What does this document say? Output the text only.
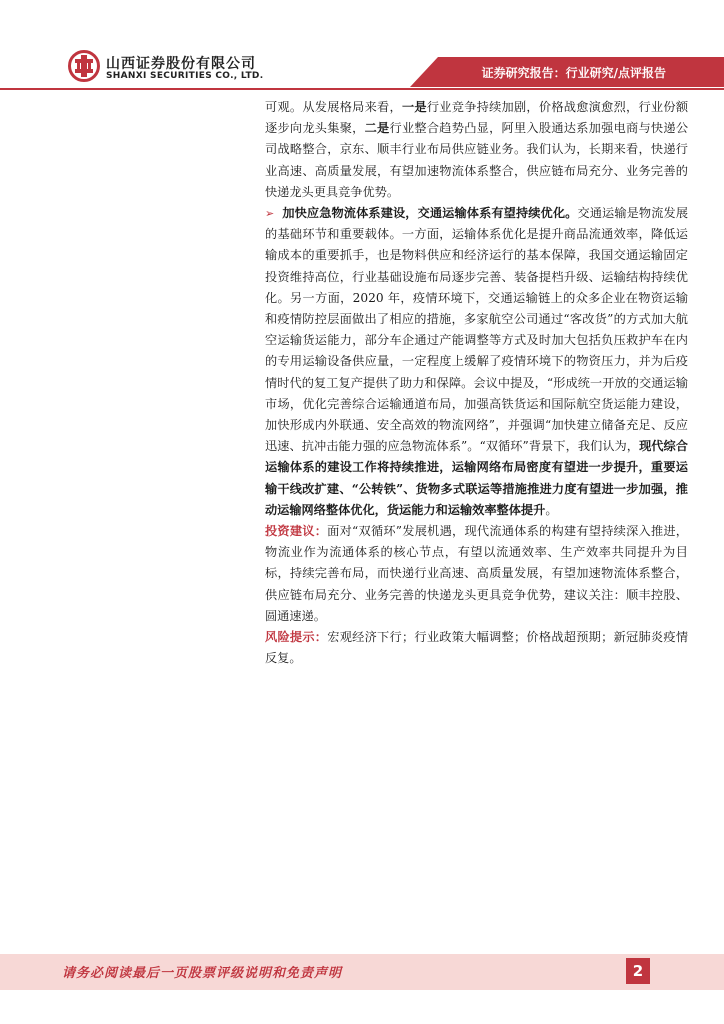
山西证券股份有限公司
SHANXI SECURITIES CO., LTD.	证券研究报告：行业研究/点评报告

可观。从发展格局来看，一是行业竞争持续加剧，价格战愈演愈烈，行业份额逐步向龙头集聚，二是行业整合趋势凸显，阿里入股通达系加强电商与快递公司战略整合，京东、顺丰行业布局供应链业务。我们认为，长期来看，快递行业高速、高质量发展，有望加速物流体系整合，供应链布局充分、业务完善的快递龙头更具竞争优势。

➢ 加快应急物流体系建设，交通运输体系有望持续优化。交通运输是物流发展的基础环节和重要载体。一方面，运输体系优化是提升商品流通效率，降低运输成本的重要抓手，也是物料供应和经济运行的基本保障，我国交通运输固定投资维持高位，行业基础设施布局逐步完善、装备提档升级、运输结构持续优化。另一方面，2020 年，疫情环境下，交通运输链上的众多企业在物资运输和疫情防控层面做出了相应的措施，多家航空公司通过“客改货”的方式加大航空运输货运能力，部分车企通过产能调整等方式及时加大包括负压救护车在内的专用运输设备供应量，一定程度上缓解了疫情环境下的物资压力，并为后疫情时代的复工复产提供了助力和保障。会议中提及，“形成统一开放的交通运输市场，优化完善综合运输通道布局，加强高铁货运和国际航空货运能力建设，加快形成内外联通、安全高效的物流网络”，并强调“加快建立储备充足、反应迅速、抗冲击能力强的应急物流体系”。“双循环”背景下，我们认为，现代综合运输体系的建设工作将持续推进，运输网络布局密度有望进一步提升，重要运输干线改扩建、“公转铁”、货物多式联运等措施推进力度有望进一步加强，推动运输网络整体优化，货运能力和运输效率整体提升。

投资建议：面对“双循环”发展机遇，现代流通体系的构建有望持续深入推进，物流业作为流通体系的核心节点，有望以流通效率、生产效率共同提升为目标，持续完善布局，而快递行业高速、高质量发展，有望加速物流体系整合，供应链布局充分、业务完善的快递龙头更具竞争优势，建议关注：顺丰控股、圆通速递。

风险提示：宏观经济下行；行业政策大幅调整；价格战超预期；新冠肺炎疫情反复。

请务必阅读最后一页股票评级说明和免责声明	2
